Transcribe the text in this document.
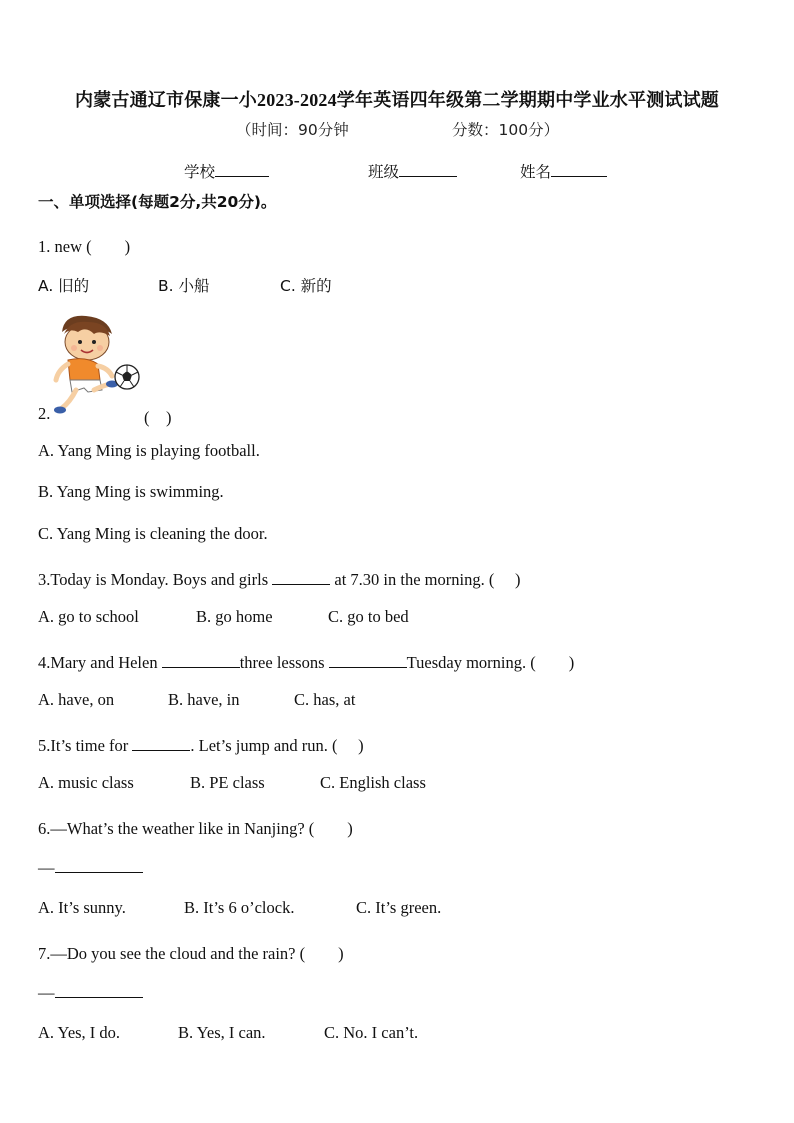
内蒙古通辽市保康一小2023-2024学年英语四年级第二学期期中学业水平测试试题
（时间：90分钟	分数：100分）
学校	班级	姓名
一、单项选择(每题2分,共20分)。
1. new (　　)
A. 旧的	B. 小船	C. 新的
2.	(　)
A. Yang Ming is playing football.
B. Yang Ming is swimming.
C. Yang Ming is cleaning the door.
3.Today is Monday. Boys and girls	at 7.30 in the morning. (　 )
A. go to school	B. go home	C. go to bed
4.Mary and Helen	three lessons	Tuesday morning. (　　)
A. have, on	B. have, in	C. has, at
5.It’s time for	. Let’s jump and run. (　 )
A. music class	B. PE class	C. English class
6.—What’s the weather like in Nanjing? (　　)
—
A. It’s sunny.	B. It’s 6 o’clock.	C. It’s green.
7.—Do you see the cloud and the rain? (　　)
—
A. Yes, I do.	B. Yes, I can.	C. No. I can’t.
